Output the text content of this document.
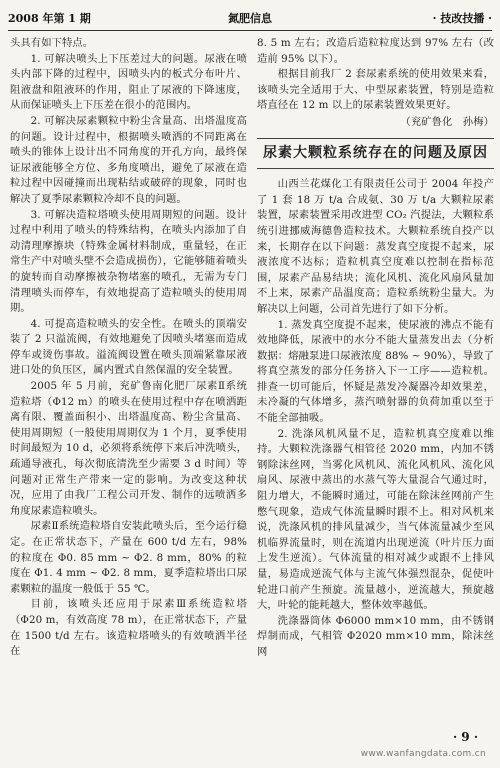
2008 年第 1 期	氮肥信息	· 技改技播 ·

头具有如下特点。

1. 可解决喷头上下压差过大的问题。尿液在喷头内部下降的过程中，因喷头内的板式分布叶片、阻液盘和阻液环的作用，阻止了尿液的下降速度，从而保证喷头上下压差在很小的范围内。

2. 可解决尿素颗粒中粉尘含量高、出塔温度高的问题。设计过程中，根据喷头喷洒的不同距离在喷头的锥体上设计出不同角度的开孔方向，最终保证尿液能够全方位、多角度喷出，避免了尿液在造粒过程中因碰撞而出现粘结或破碎的现象，同时也解决了夏季尿素颗粒冷却不良的问题。

3. 可解决造粒塔喷头使用周期短的问题。设计过程中利用了喷头的特殊结构，在喷头内添加了自动清理摩擦块（特殊金属材料制成，重量轻，在正常生产中对喷头壁不会造成损伤），它能够随着喷头的旋转而自动摩擦被杂物堵塞的喷孔，无需为专门清理喷头而停车，有效地提高了造粒喷头的使用周期。

4. 可提高造粒喷头的安全性。在喷头的顶端安装了 2 只溢流阀，有效地避免了因喷头堵塞而造成停车或烫伤事故。溢流阀设置在喷头顶端紧靠尿液进口处的负压区，属内置式自然保温的安全装置。

2005 年 5 月前，兖矿鲁南化肥厂尿素Ⅱ系统造粒塔（Φ12 m）的喷头在使用过程中存在喷洒距离有限、覆盖面积小、出塔温度高、粉尘含量高、使用周期短（一般使用周期仅为 1 个月，夏季使用时间最短为 10 d，必须将系统停下来后冲洗喷头，疏通导液孔，每次彻底清洗至少需要 3 d 时间）等问题对正常生产带来一定的影响。为改变这种状况，应用了由我厂工程公司开发、制作的远喷洒多角度尿素造粒喷头。

尿素Ⅱ系统造粒塔自安装此喷头后，至今运行稳定。在正常状态下，产量在 600 t/d 左右，98% 的粒度在 Φ0. 85 mm ~ Φ2. 8 mm，80% 的粒度在 Φ1. 4 mm ~ Φ2. 8 mm，夏季造粒塔出口尿素颗粒的温度一般低于 55 ℃。

目前，该喷头还应用于尿素Ⅲ系统造粒塔（Φ20 m，有效高度 78 m），在正常状态下，产量在 1500 t/d 左右。该造粒塔喷头的有效喷洒半径在

8. 5 m 左右；改造后造粒粒度达到 97% 左右（改造前 95% 以下）。

根据目前我厂 2 套尿素系统的使用效果来看，该喷头完全适用于大、中型尿素装置，特别是造粒塔直径在 12 m 以上的尿素装置效果更好。

（兖矿鲁化　孙梅）

尿素大颗粒系统存在的问题及原因

山西兰花煤化工有限责任公司于 2004 年投产了 1 套 18 万 t/a 合成氨、30 万 t/a 大颗粒尿素装置，尿素装置采用改进型 CO₂ 汽提法，大颗粒系统引进挪威海德鲁造粒技术。大颗粒系统自投产以来，长期存在以下问题：蒸发真空度提不起来，尿液浓度不达标；造粒机真空度难以控制在指标范围，尿素产品易结块；流化风机、流化风扇风量加不上来，尿素产品温度高；造粒系统粉尘量大。为解决以上问题，公司首先进行了如下分析。

1. 蒸发真空度提不起来，使尿液的沸点不能有效地降低，尿液中的水分不能大量蒸发出去（分析数据：熔融泵进口尿液浓度 88% ~ 90%），导致了将真空蒸发的部分任务挤入下一工序——造粒机。排查一切可能后，怀疑是蒸发冷凝器冷却效果差，未冷凝的气体增多，蒸汽喷射器的负荷加重以至于不能全部抽吸。

2. 洗涤风机风量不足，造粒机真空度难以维持。大颗粒洗涤器气相管径 2020 mm，内加不锈钢除沫丝网，当雾化风机风、流化风机风、流化风扇风、尿液中蒸出的水蒸气等大量混合气通过时，阻力增大，不能瞬时通过，可能在除沫丝网前产生憋气现象，造成气体流量瞬时跟不上。相对风机来说，洗涤风机的排风量减少，当气体流量减少至风机临界流量时，则在流道内出现逆流（叶片压力面上发生逆流）。气体流量的相对减少或跟不上排风量，易造成逆流气体与主流气体强烈混杂，促使叶轮进口前产生预旋。流量越小，逆流越大，预旋越大，叶轮的能耗越大，整体效率越低。

洗涤器筒体 Φ6000 mm×10 mm，由不锈钢焊制而成，气相管 Φ2020 mm×10 mm，除沫丝网

· 9 ·
www.wanfangdata.com.cn
